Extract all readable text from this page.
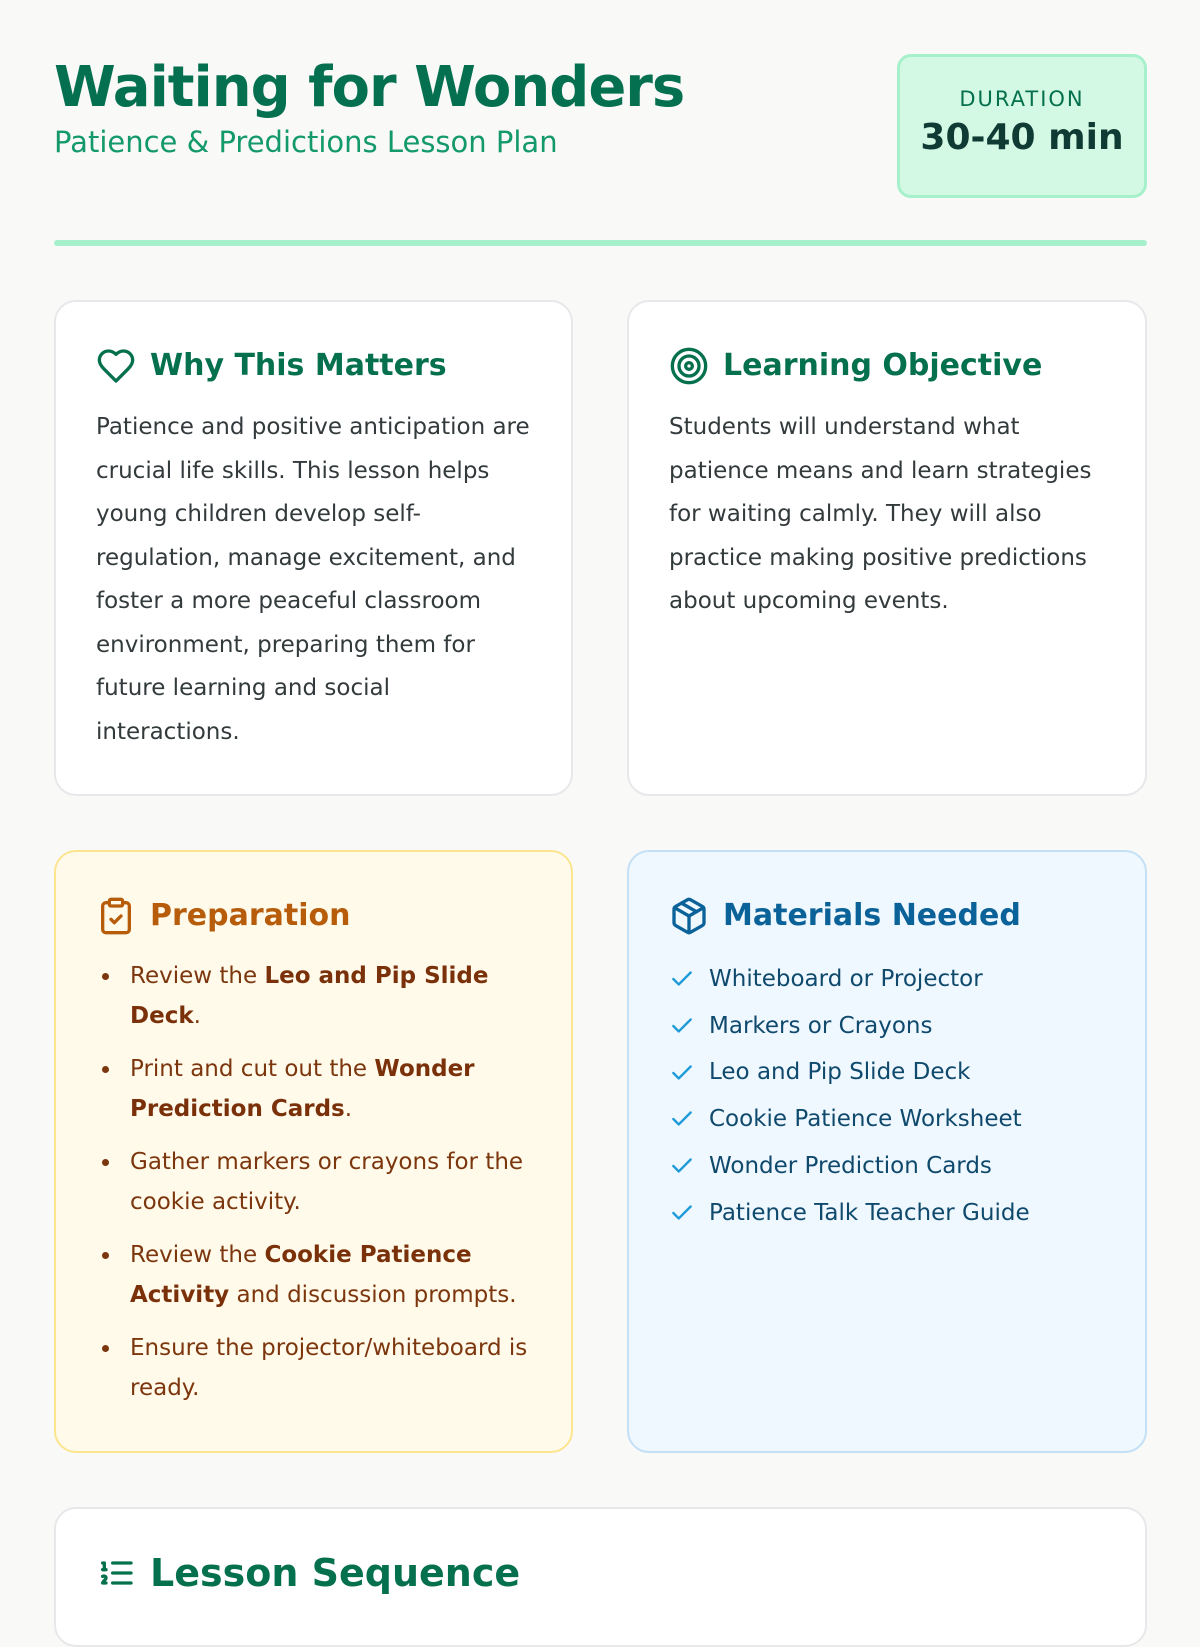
Waiting for Wonders
Patience & Predictions Lesson Plan
DURATION
30-40 min
Why This Matters
Patience and positive anticipation are crucial life skills. This lesson helps young children develop self-regulation, manage excitement, and foster a more peaceful classroom environment, preparing them for future learning and social interactions.
Learning Objective
Students will understand what patience means and learn strategies for waiting calmly. They will also practice making positive predictions about upcoming events.
Preparation
Review the Leo and Pip Slide Deck.
Print and cut out the Wonder Prediction Cards.
Gather markers or crayons for the cookie activity.
Review the Cookie Patience Activity and discussion prompts.
Ensure the projector/whiteboard is ready.
Materials Needed
Whiteboard or Projector
Markers or Crayons
Leo and Pip Slide Deck
Cookie Patience Worksheet
Wonder Prediction Cards
Patience Talk Teacher Guide
Lesson Sequence
